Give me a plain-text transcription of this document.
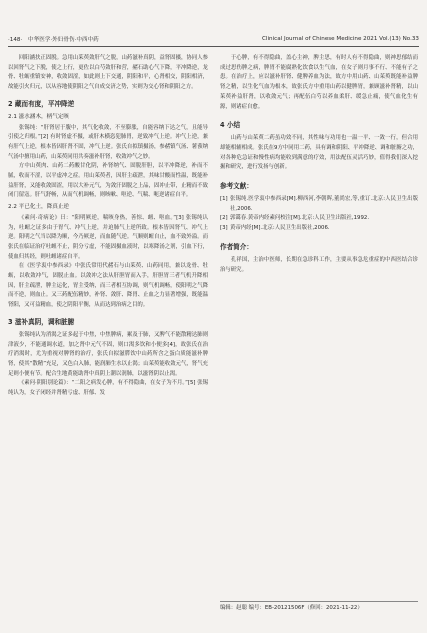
·148· 中华医学·外妇骨伤·中西中药	Clinical Journal of Chinese Medicine 2021 Vol.(13) No.33

回阳涵扶正固脱。急用山茱萸敛肝气之脱，山药滋补真阴，益肾固摄，协同人参以回肾气之下脱，使之上行，更佐以白芍敛肝和营，赭石助心气下降，平冲降逆，龙骨、牡蛎重镇安神，收敛固涩，如此则上下交通，阴阳和平，心肾相交，阴阳相济，故能引火归元，以从容地使阴阳之气自成交济之势，实则为交心肾和阴阳之方。

2 藏而有度，平冲降逆
2.1 滋水涵木，柄气定咳

张锡纯：“肝肾居于腹中，其气化收敛，不至膨胀，自能容纳下达之气，且能导引使之归根。”[2] 有时肾虚不摄，或肝木横恣犯肺胃，逆致冲气上逆。冲气上逆，兼有肝气上逆，根本皆因肝肾不固，冲气上逆。张氏自拟镇摄汤，参赭镇气汤、薯蓣纳气汤中擅用山药，山茱萸同用共奏滋补肝肾，收敛冲气之妙。

方中山萸肉、山药二药酸甘化阴，补肾纳气、固脱肝胆，以平冲降逆，补而不腻，收而不涩，以平虚冲之症。用山茱萸者，因肝主疏泄，其味甘酸而性温，既能补益肝肾，又能收敛固涩，用以大补元气，为敛汗固脱之上品，固冲止带，止精而不致闭门留寇。肝气舒畅，从而气机调畅，则咳嗽、呕逆、气喘、呃逆诸症自平。

2.2 平已化土，降真止逆

《素问·奇病论》曰：“阳明厥逆，喘咳身热，善惊、衄、呕血。”[3] 张锡纯认为，吐衄之证多由于胃气、冲气上逆，并迫肺气上逆所致。根本皆因肾气、冲气上逆。阳明之气当以降为顺，今乃厥逆，而血随气逆。气顺则衄自止，血不致外溢。而张氏在临证治疗吐衄不止，阴分亏虚，不能固摄血液时，以寒降汤之剂，引血下行，使血归其经，则吐衄诸症自平。

在《医学衷中参西录》中张氏常用代赭石与山茱萸、山药同用，兼以龙骨、牡蛎，以收敛冲气，固脱止血。以敛冲之法从肝胆胃而入手，肝胆胃三者气机升降相因，肝主疏泄，脾主运化，胃主受纳，而三者相互协调，则气机调畅，使阳明之气降而不逆，则血止。又三药配伍精妙，补肾、敛肝、降胃、止血之力显著增强，既能温肾阳，又可益精血，使之阴阳平衡，从而达到治病之目的。

3 滋补真阴，调和脏腑

张锡纯认为消渴之证多起于中焦，中焦脾病，累及于肺，又脾气不能散精达肺则津液少，不能通调水道，加之肾中元气不固，则口渴多饮和小便多[4]，故张氏在治疗消渴时，尤为重视对脾肾的治疗，张氏自拟滋膵饮中山药所含之蛋白质能滋补脾肾，使其“散精”充足，又色白入肺，能润肺生水以止渴；山茱萸能收敛元气，肾气充足则小便有节。配合生地黄能助肾中真阴上潮以润肺，以滋肾阴以止渴。

《素问·阴阳别论篇》：“二阳之病发心脾，有不得隐曲，在女子为不月。”[5] 张锡纯认为，女子闭经并肾精亏虚、肝郁、发

于心脾，有不得隐曲，盖心主神，脾主思，有时人有不得隐曲，则神思郁结而成过思伤脾之病，脾胃不能腐熟化饮食以生气血，在女子则月事不行、不能有子之患。在治疗上，应以滋补肝肾、健脾养血为法，故方中用山药、山茱萸既能补益脾肾之精，以生化气血为根本，故张氏方中重用山药以健脾胃，兼顾滋补肾精，以山茱萸补益肝肾，以收敛元气；再配伍白芍以养血柔肝、缓急止痛，使气血化生有源，则诸症自愈。

4 小结

山药与山茱萸二药虽功效不同，其性味与功用也一温一平、一敛一行，但合用却能相辅相成。张氏在9方中同用二药，具有调和阴阳、平冲降逆、调和脏腑之功，对各种危急证和慢性病均能收到满意的疗效，用法配伍灵活巧妙，值得我们深入挖掘和研究，进行发扬与创新。

参考文献：

[1] 张锡纯.医学衷中参西录[M].柳西河,李朝晖,董尚宏,等,重订.北京:人民卫生出版社,2006.

[2] 郭霭春.黄帝内经素问校注[M].北京:人民卫生出版社,1992.

[3] 黄帝内经[M].北京:人民卫生出版社,2006.

作者简介：

孔祥国，主治中医师，长期在急诊科工作，主要从事急危重症的中西医结合诊治与研究。

编辑：赵聪 编号：EB-20121506F（修回：2021-11-22）
